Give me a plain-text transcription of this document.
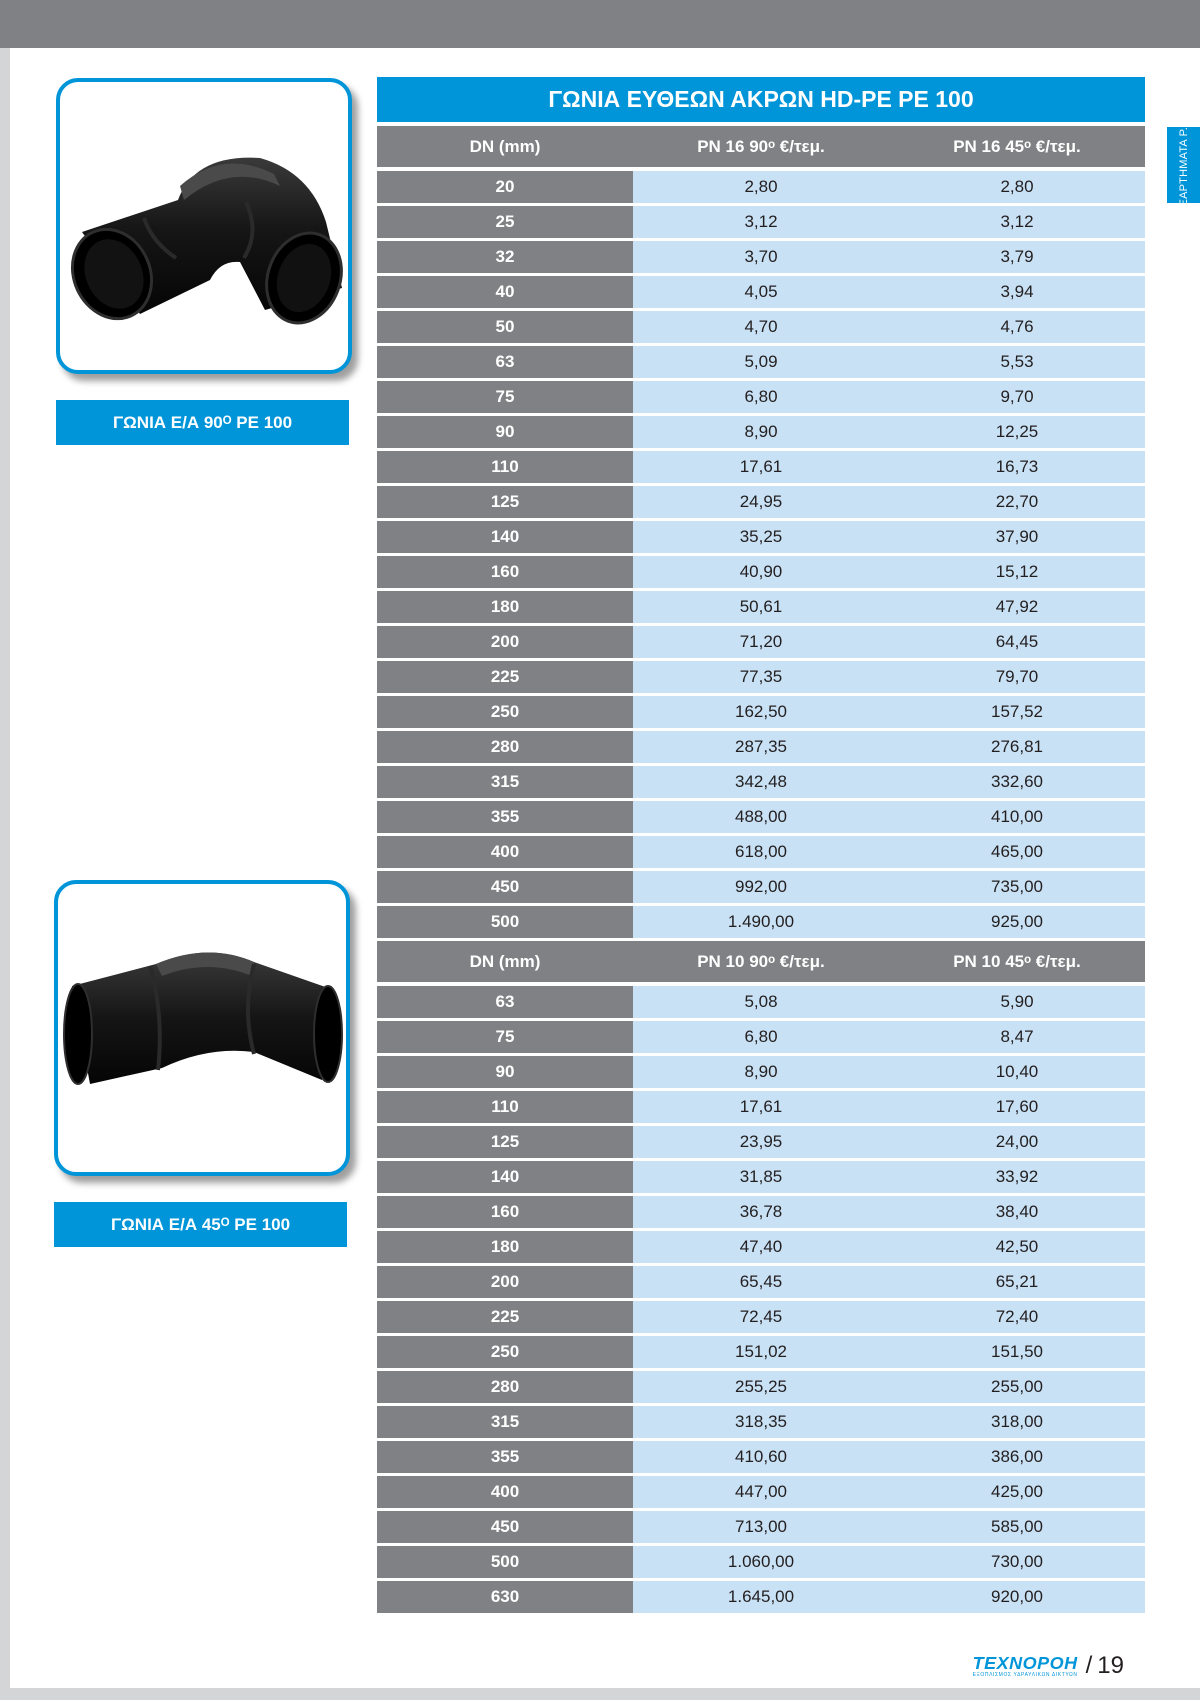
ΕΞΑΡΤΗΜΑΤΑ Ρ.Ε.
ΓΩΝΙΑ Ε/Α 90ᴼ PE 100
ΓΩΝΙΑ Ε/Α 45ᴼ PE 100
ΓΩΝΙΑ ΕΥΘΕΩΝ ΑΚΡΩΝ HD-PE PE 100		
DN (mm)	PN 16 90ᵒ €/τεμ.	PN 16 45ᵒ €/τεμ.
20	2,80	2,80
25	3,12	3,12
32	3,70	3,79
40	4,05	3,94
50	4,70	4,76
63	5,09	5,53
75	6,80	9,70
90	8,90	12,25
110	17,61	16,73
125	24,95	22,70
140	35,25	37,90
160	40,90	15,12
180	50,61	47,92
200	71,20	64,45
225	77,35	79,70
250	162,50	157,52
280	287,35	276,81
315	342,48	332,60
355	488,00	410,00
400	618,00	465,00
450	992,00	735,00
500	1.490,00	925,00
DN (mm)	PN 10 90ᵒ €/τεμ.	PN 10 45ᵒ €/τεμ.
63	5,08	5,90
75	6,80	8,47
90	8,90	10,40
110	17,61	17,60
125	23,95	24,00
140	31,85	33,92
160	36,78	38,40
180	47,40	42,50
200	65,45	65,21
225	72,45	72,40
250	151,02	151,50
280	255,25	255,00
315	318,35	318,00
355	410,60	386,00
400	447,00	425,00
450	713,00	585,00
500	1.060,00	730,00
630	1.645,00	920,00
ΤΕΧΝΟΡΟΗ
ΕΞΟΠΛΙΣΜΟΣ ΥΔΡΑΥΛΙΚΩΝ ΔΙΚΤΥΩΝ / 19
